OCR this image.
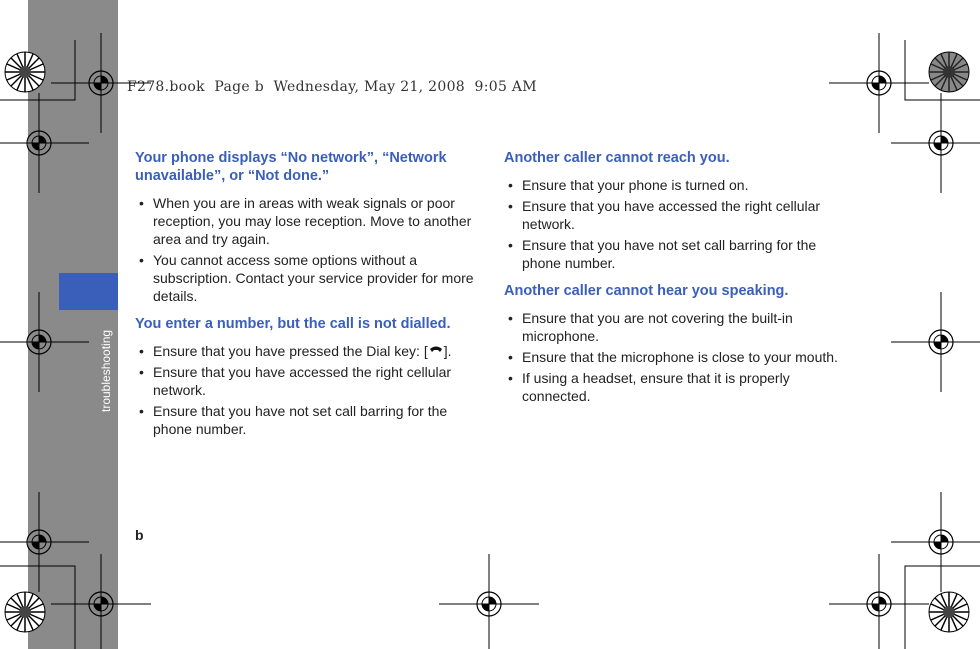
troubleshooting
F278.book  Page b  Wednesday, May 21, 2008  9:05 AM
Your phone displays “No network”, “Network unavailable”, or “Not done.”
• When you are in areas with weak signals or poor reception, you may lose reception. Move to another area and try again.
• You cannot access some options without a subscription. Contact your service provider for more details.
You enter a number, but the call is not dialled.
• Ensure that you have pressed the Dial key: [ ].
• Ensure that you have accessed the right cellular network.
• Ensure that you have not set call barring for the phone number.
Another caller cannot reach you.
• Ensure that your phone is turned on.
• Ensure that you have accessed the right cellular network.
• Ensure that you have not set call barring for the phone number.
Another caller cannot hear you speaking.
• Ensure that you are not covering the built-in microphone.
• Ensure that the microphone is close to your mouth.
• If using a headset, ensure that it is properly connected.
b
